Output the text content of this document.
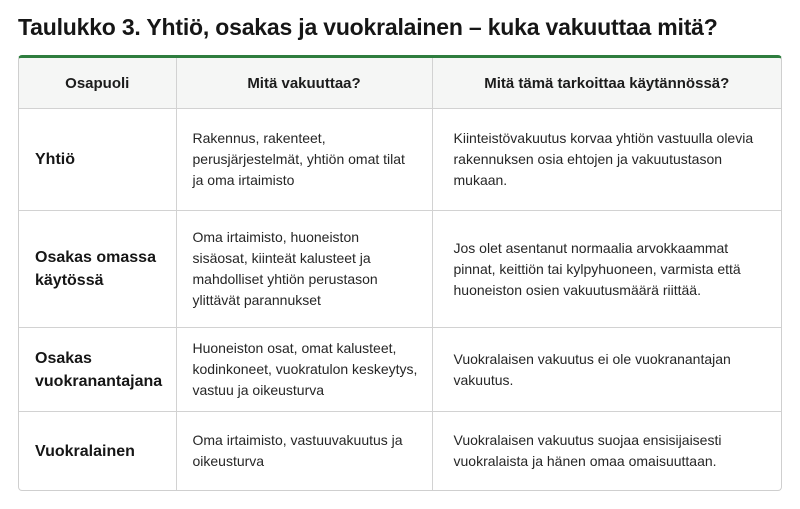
Taulukko 3. Yhtiö, osakas ja vuokralainen – kuka vakuuttaa mitä?
Osapuoli	Mitä vakuuttaa?	Mitä tämä tarkoittaa käytännössä?
Yhtiö	Rakennus, rakenteet, perusjärjestelmät, yhtiön omat tilat ja oma irtaimisto	Kiinteistövakuutus korvaa yhtiön vastuulla olevia rakennuksen osia ehtojen ja vakuutustason mukaan.
Osakas omassa käytössä	Oma irtaimisto, huoneiston sisäosat, kiinteät kalusteet ja mahdolliset yhtiön perustason ylittävät parannukset	Jos olet asentanut normaalia arvokkaammat pinnat, keittiön tai kylpyhuoneen, varmista että huoneiston osien vakuutusmäärä riittää.
Osakas vuokranantajana	Huoneiston osat, omat kalusteet, kodinkoneet, vuokratulon keskeytys, vastuu ja oikeusturva	Vuokralaisen vakuutus ei ole vuokranantajan vakuutus.
Vuokralainen	Oma irtaimisto, vastuuvakuutus ja oikeusturva	Vuokralaisen vakuutus suojaa ensisijaisesti vuokralaista ja hänen omaa omaisuuttaan.
